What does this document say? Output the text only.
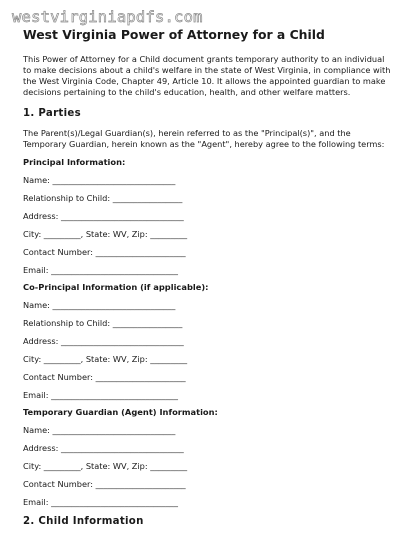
westvirginiapdfs.com
West Virginia Power of Attorney for a Child

This Power of Attorney for a Child document grants temporary authority to an individual to make decisions about a child's welfare in the state of West Virginia, in compliance with the West Virginia Code, Chapter 49, Article 10. It allows the appointed guardian to make decisions pertaining to the child's education, health, and other welfare matters.

1. Parties

The Parent(s)/Legal Guardian(s), herein referred to as the "Principal(s)", and the Temporary Guardian, herein known as the "Agent", hereby agree to the following terms:

Principal Information:
Name: ______________________________
Relationship to Child: _________________
Address: ______________________________
City: _________, State: WV, Zip: _________
Contact Number: ______________________
Email: _______________________________
Co-Principal Information (if applicable):
Name: ______________________________
Relationship to Child: _________________
Address: ______________________________
City: _________, State: WV, Zip: _________
Contact Number: ______________________
Email: _______________________________
Temporary Guardian (Agent) Information:
Name: ______________________________
Address: ______________________________
City: _________, State: WV, Zip: _________
Contact Number: ______________________
Email: _______________________________
2. Child Information
